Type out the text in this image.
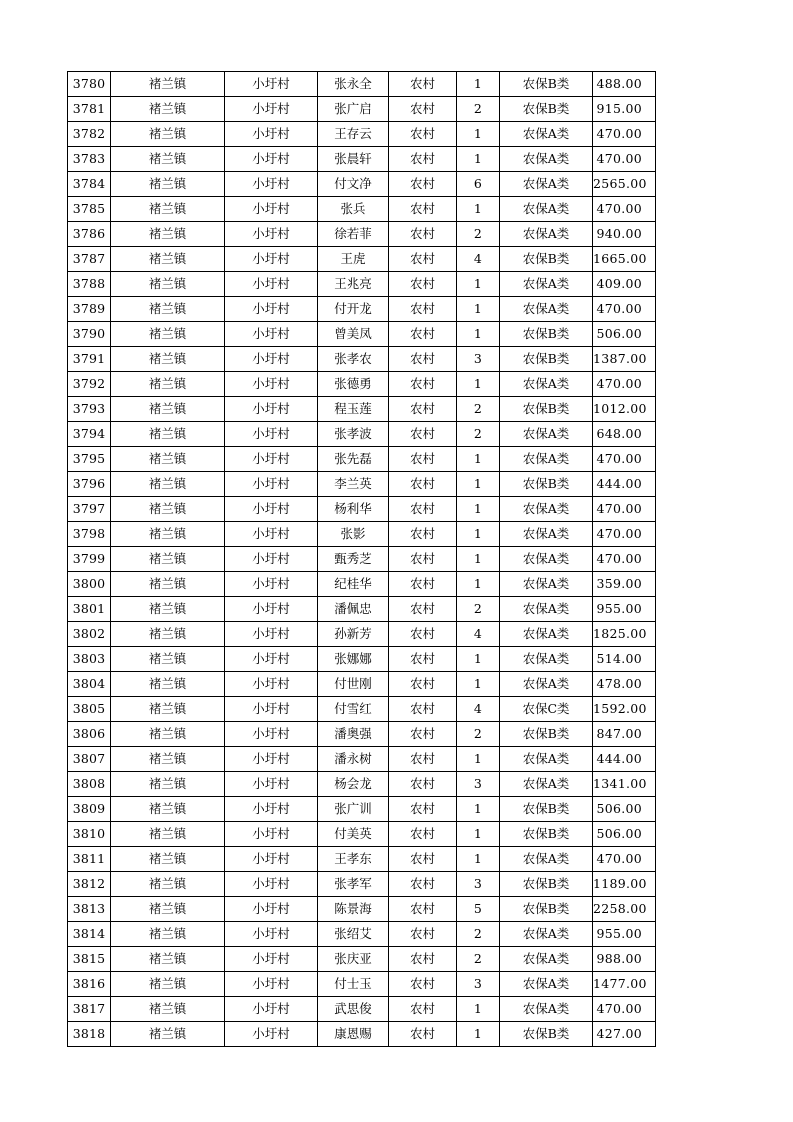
3780	褚兰镇	小圩村	张永全	农村	1	农保B类	488.00
3781	褚兰镇	小圩村	张广启	农村	2	农保B类	915.00
3782	褚兰镇	小圩村	王存云	农村	1	农保A类	470.00
3783	褚兰镇	小圩村	张晨轩	农村	1	农保A类	470.00
3784	褚兰镇	小圩村	付文净	农村	6	农保A类	2565.00
3785	褚兰镇	小圩村	张兵	农村	1	农保A类	470.00
3786	褚兰镇	小圩村	徐若菲	农村	2	农保A类	940.00
3787	褚兰镇	小圩村	王虎	农村	4	农保B类	1665.00
3788	褚兰镇	小圩村	王兆亮	农村	1	农保A类	409.00
3789	褚兰镇	小圩村	付开龙	农村	1	农保A类	470.00
3790	褚兰镇	小圩村	曾美凤	农村	1	农保B类	506.00
3791	褚兰镇	小圩村	张孝农	农村	3	农保B类	1387.00
3792	褚兰镇	小圩村	张德勇	农村	1	农保A类	470.00
3793	褚兰镇	小圩村	程玉莲	农村	2	农保B类	1012.00
3794	褚兰镇	小圩村	张孝波	农村	2	农保A类	648.00
3795	褚兰镇	小圩村	张先磊	农村	1	农保A类	470.00
3796	褚兰镇	小圩村	李兰英	农村	1	农保B类	444.00
3797	褚兰镇	小圩村	杨利华	农村	1	农保A类	470.00
3798	褚兰镇	小圩村	张影	农村	1	农保A类	470.00
3799	褚兰镇	小圩村	甄秀芝	农村	1	农保A类	470.00
3800	褚兰镇	小圩村	纪桂华	农村	1	农保A类	359.00
3801	褚兰镇	小圩村	潘佩忠	农村	2	农保A类	955.00
3802	褚兰镇	小圩村	孙新芳	农村	4	农保A类	1825.00
3803	褚兰镇	小圩村	张娜娜	农村	1	农保A类	514.00
3804	褚兰镇	小圩村	付世刚	农村	1	农保A类	478.00
3805	褚兰镇	小圩村	付雪红	农村	4	农保C类	1592.00
3806	褚兰镇	小圩村	潘奥强	农村	2	农保B类	847.00
3807	褚兰镇	小圩村	潘永树	农村	1	农保A类	444.00
3808	褚兰镇	小圩村	杨会龙	农村	3	农保A类	1341.00
3809	褚兰镇	小圩村	张广训	农村	1	农保B类	506.00
3810	褚兰镇	小圩村	付美英	农村	1	农保B类	506.00
3811	褚兰镇	小圩村	王孝东	农村	1	农保A类	470.00
3812	褚兰镇	小圩村	张孝军	农村	3	农保B类	1189.00
3813	褚兰镇	小圩村	陈景海	农村	5	农保B类	2258.00
3814	褚兰镇	小圩村	张绍艾	农村	2	农保A类	955.00
3815	褚兰镇	小圩村	张庆亚	农村	2	农保A类	988.00
3816	褚兰镇	小圩村	付士玉	农村	3	农保A类	1477.00
3817	褚兰镇	小圩村	武思俊	农村	1	农保A类	470.00
3818	褚兰镇	小圩村	康恩赐	农村	1	农保B类	427.00
